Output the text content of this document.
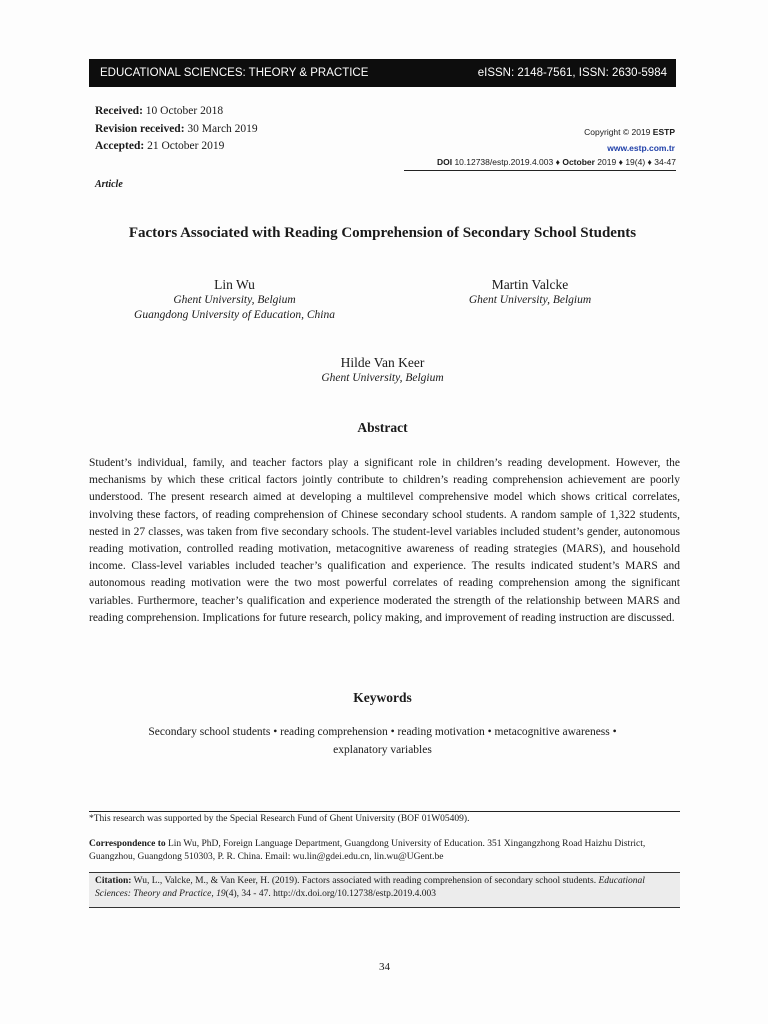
EDUCATIONAL SCIENCES: THEORY & PRACTICE	eISSN: 2148-7561, ISSN: 2630-5984
Received: 10 October 2018
Revision received: 30 March 2019
Accepted: 21 October 2019
Copyright © 2019 ESTP
www.estp.com.tr
DOI 10.12738/estp.2019.4.003 ♦ October 2019 ♦ 19(4) ♦ 34-47
Article
Factors Associated with Reading Comprehension of Secondary School Students
Lin Wu
Ghent University, Belgium
Guangdong University of Education, China
Martin Valcke
Ghent University, Belgium
Hilde Van Keer
Ghent University, Belgium
Abstract
Student’s individual, family, and teacher factors play a significant role in children’s reading development. However, the mechanisms by which these critical factors jointly contribute to children’s reading comprehension achievement are poorly understood. The present research aimed at developing a multilevel comprehensive model which shows critical correlates, involving these factors, of reading comprehension of Chinese secondary school students. A random sample of 1,322 students, nested in 27 classes, was taken from five secondary schools. The student-level variables included student’s gender, autonomous reading motivation, controlled reading motivation, metacognitive awareness of reading strategies (MARS), and household income. Class-level variables included teacher’s qualification and experience. The results indicated student’s MARS and autonomous reading motivation were the two most powerful correlates of reading comprehension among the significant variables. Furthermore, teacher’s qualification and experience moderated the strength of the relationship between MARS and reading comprehension. Implications for future research, policy making, and improvement of reading instruction are discussed.
Keywords
Secondary school students • reading comprehension • reading motivation • metacognitive awareness •
explanatory variables

*This research was supported by the Special Research Fund of Ghent University (BOF 01W05409).

Correspondence to Lin Wu, PhD, Foreign Language Department, Guangdong University of Education. 351 Xingangzhong Road Haizhu District, Guangzhou, Guangdong 510303, P. R. China. Email: wu.lin@gdei.edu.cn, lin.wu@UGent.be

Citation: Wu, L., Valcke, M., & Van Keer, H. (2019). Factors associated with reading comprehension of secondary school students. Educational Sciences: Theory and Practice, 19(4), 34 - 47. http://dx.doi.org/10.12738/estp.2019.4.003
34
